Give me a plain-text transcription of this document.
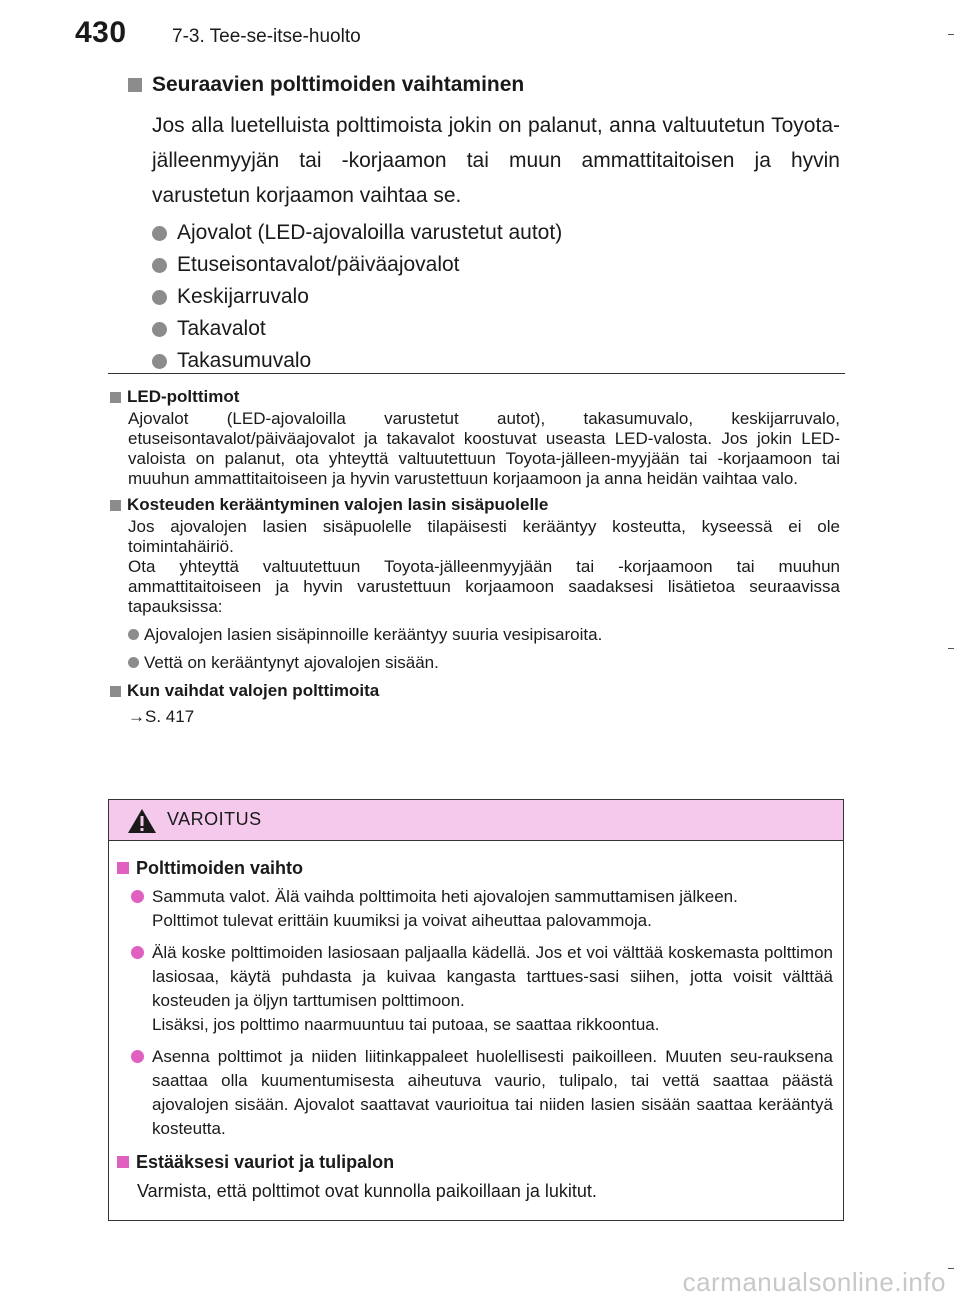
430 7-3. Tee-se-itse-huolto
Seuraavien polttimoiden vaihtaminen
Jos alla luetelluista polttimoista jokin on palanut, anna valtuutetun Toyota-jälleenmyyjän tai -korjaamon tai muun ammattitaitoisen ja hyvin varustetun korjaamon vaihtaa se.
Ajovalot (LED-ajovaloilla varustetut autot)
Etuseisontavalot/päiväajovalot
Keskijarruvalo
Takavalot
Takasumuvalo
LED-polttimot
Ajovalot (LED-ajovaloilla varustetut autot), takasumuvalo, keskijarruvalo, etuseisontavalot/päiväajovalot ja takavalot koostuvat useasta LED-valosta. Jos jokin LED-valoista on palanut, ota yhteyttä valtuutettuun Toyota-jälleen-myyjään tai -korjaamoon tai muuhun ammattitaitoiseen ja hyvin varustettuun korjaamoon ja anna heidän vaihtaa valo.
Kosteuden kerääntyminen valojen lasin sisäpuolelle
Jos ajovalojen lasien sisäpuolelle tilapäisesti kerääntyy kosteutta, kyseessä ei ole toimintahäiriö.
Ota yhteyttä valtuutettuun Toyota-jälleenmyyjään tai -korjaamoon tai muuhun ammattitaitoiseen ja hyvin varustettuun korjaamoon saadaksesi lisätietoa seuraavissa tapauksissa:
Ajovalojen lasien sisäpinnoille kerääntyy suuria vesipisaroita.
Vettä on kerääntynyt ajovalojen sisään.
Kun vaihdat valojen polttimoita
→S. 417
VAROITUS
Polttimoiden vaihto

Sammuta valot. Älä vaihda polttimoita heti ajovalojen sammuttamisen jälkeen.

Polttimot tulevat erittäin kuumiksi ja voivat aiheuttaa palovammoja.

Älä koske polttimoiden lasiosaan paljaalla kädellä. Jos et voi välttää koskemasta polttimon lasiosaa, käytä puhdasta ja kuivaa kangasta tarttues-sasi siihen, jotta voisit välttää kosteuden ja öljyn tarttumisen polttimoon.

Lisäksi, jos polttimo naarmuuntuu tai putoaa, se saattaa rikkoontua.

Asenna polttimot ja niiden liitinkappaleet huolellisesti paikoilleen. Muuten seu-rauksena saattaa olla kuumentumisesta aiheutuva vaurio, tulipalo, tai vettä saattaa päästä ajovalojen sisään. Ajovalot saattavat vaurioitua tai niiden lasien sisään saattaa kerääntyä kosteutta.

Estääksesi vauriot ja tulipalon
Varmista, että polttimot ovat kunnolla paikoillaan ja lukitut.
carmanualsonline.info
